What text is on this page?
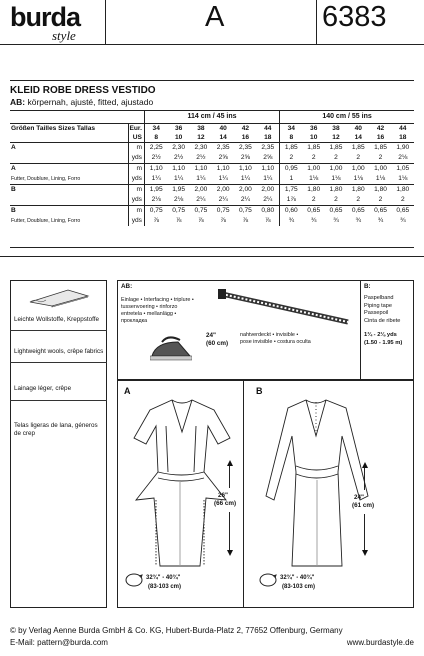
burda
style
A	6383
KLEID ROBE DRESS VESTIDO
AB: körpernah, ajusté, fitted, ajustado
		114 cm / 45 ins						140 cm / 55 ins					
Größen Tailles Sizes Tallas	Eur.	34	36	38	40	42	44	34	36	38	40	42	44
	US	8	10	12	14	16	18	8	10	12	14	16	18
A	m	2,25	2,30	2,30	2,35	2,35	2,35	1,85	1,85	1,85	1,85	1,85	1,90
	yds	2½	2½	2½	2⅝	2⅝	2⅝	2	2	2	2	2	2⅛
A	m	1,10	1,10	1,10	1,10	1,10	1,10	0,95	1,00	1,00	1,00	1,00	1,05
Futter, Doublure, Lining, Forro	yds	1¼	1¼	1¼	1¼	1¼	1¼	1	1⅛	1⅛	1⅛	1⅛	1⅛
B	m	1,95	1,95	2,00	2,00	2,00	2,00	1,75	1,80	1,80	1,80	1,80	1,80
	yds	2⅛	2⅛	2¼	2¼	2¼	2¼	1⅞	2	2	2	2	2
B	m	0,75	0,75	0,75	0,75	0,75	0,80	0,60	0,65	0,65	0,65	0,65	0,65
Futter, Doublure, Lining, Forro	yds	⅞	⅞	⅞	⅞	⅞	⅞	¾	¾	¾	¾	¾	¾
Leichte Wollstoffe, Kreppstoffe
Lightweight wools, crêpe fabrics
Lainage léger, crêpe
Telas ligeras de lana, géneros de crep
AB:
Einlage • Interfacing • triplure •
tussenvoering • rinforzo
entretela • mellanlägg •
прокладка
24"
(60 cm)
nahtverdeckt • invisible •
pose invisible • costura oculta
B:
Paspelband
Piping tape
Passepoil
Cinta de ribete
1¾ - 2⅛ yds
(1.50 - 1.95 m)
A
26"
(66 cm)
32¾" - 40¾"
(83-103 cm)
B
24"
(61 cm)
32¾" - 40¾"
(83-103 cm)
© by Verlag Aenne Burda GmbH & Co. KG, Hubert-Burda-Platz 2, 77652 Offenburg, Germany
E-Mail: pattern@burda.com	www.burdastyle.de
